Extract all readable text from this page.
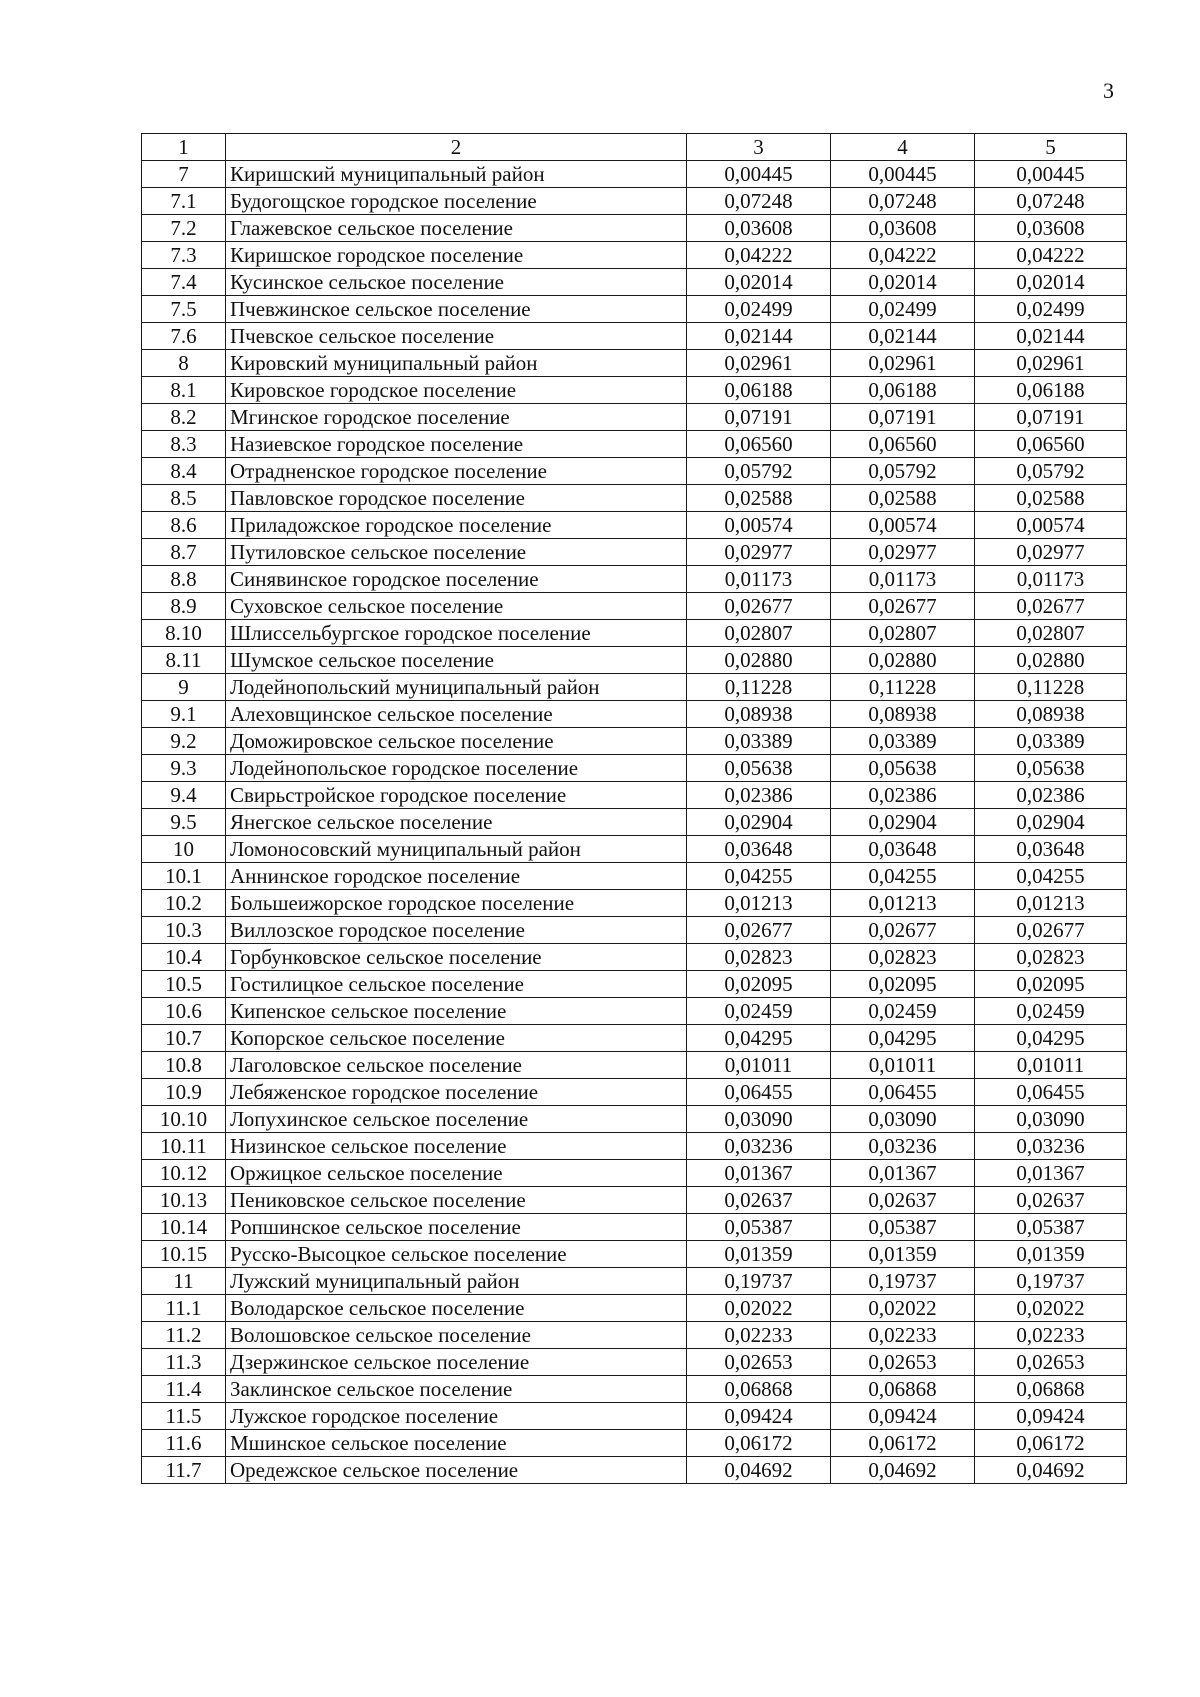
3
1	2	3	4	5
7	Киришский муниципальный район	0,00445	0,00445	0,00445
7.1	Будогощское городское поселение	0,07248	0,07248	0,07248
7.2	Глажевское сельское поселение	0,03608	0,03608	0,03608
7.3	Киришское городское поселение	0,04222	0,04222	0,04222
7.4	Кусинское сельское поселение	0,02014	0,02014	0,02014
7.5	Пчевжинское сельское поселение	0,02499	0,02499	0,02499
7.6	Пчевское сельское поселение	0,02144	0,02144	0,02144
8	Кировский муниципальный район	0,02961	0,02961	0,02961
8.1	Кировское городское поселение	0,06188	0,06188	0,06188
8.2	Мгинское городское поселение	0,07191	0,07191	0,07191
8.3	Назиевское городское поселение	0,06560	0,06560	0,06560
8.4	Отрадненское городское поселение	0,05792	0,05792	0,05792
8.5	Павловское городское поселение	0,02588	0,02588	0,02588
8.6	Приладожское городское поселение	0,00574	0,00574	0,00574
8.7	Путиловское сельское поселение	0,02977	0,02977	0,02977
8.8	Синявинское городское поселение	0,01173	0,01173	0,01173
8.9	Суховское сельское поселение	0,02677	0,02677	0,02677
8.10	Шлиссельбургское городское поселение	0,02807	0,02807	0,02807
8.11	Шумское сельское поселение	0,02880	0,02880	0,02880
9	Лодейнопольский муниципальный район	0,11228	0,11228	0,11228
9.1	Алеховщинское сельское поселение	0,08938	0,08938	0,08938
9.2	Доможировское сельское поселение	0,03389	0,03389	0,03389
9.3	Лодейнопольское городское поселение	0,05638	0,05638	0,05638
9.4	Свирьстройское городское поселение	0,02386	0,02386	0,02386
9.5	Янегское сельское поселение	0,02904	0,02904	0,02904
10	Ломоносовский муниципальный район	0,03648	0,03648	0,03648
10.1	Аннинское городское поселение	0,04255	0,04255	0,04255
10.2	Большеижорское городское поселение	0,01213	0,01213	0,01213
10.3	Виллозское городское поселение	0,02677	0,02677	0,02677
10.4	Горбунковское сельское поселение	0,02823	0,02823	0,02823
10.5	Гостилицкое сельское поселение	0,02095	0,02095	0,02095
10.6	Кипенское сельское поселение	0,02459	0,02459	0,02459
10.7	Копорское сельское поселение	0,04295	0,04295	0,04295
10.8	Лаголовское сельское поселение	0,01011	0,01011	0,01011
10.9	Лебяженское городское поселение	0,06455	0,06455	0,06455
10.10	Лопухинское сельское поселение	0,03090	0,03090	0,03090
10.11	Низинское сельское поселение	0,03236	0,03236	0,03236
10.12	Оржицкое сельское поселение	0,01367	0,01367	0,01367
10.13	Пениковское сельское поселение	0,02637	0,02637	0,02637
10.14	Ропшинское сельское поселение	0,05387	0,05387	0,05387
10.15	Русско-Высоцкое сельское поселение	0,01359	0,01359	0,01359
11	Лужский муниципальный район	0,19737	0,19737	0,19737
11.1	Володарское сельское поселение	0,02022	0,02022	0,02022
11.2	Волошовское сельское поселение	0,02233	0,02233	0,02233
11.3	Дзержинское сельское поселение	0,02653	0,02653	0,02653
11.4	Заклинское сельское поселение	0,06868	0,06868	0,06868
11.5	Лужское городское поселение	0,09424	0,09424	0,09424
11.6	Мшинское сельское поселение	0,06172	0,06172	0,06172
11.7	Оредежское сельское поселение	0,04692	0,04692	0,04692
